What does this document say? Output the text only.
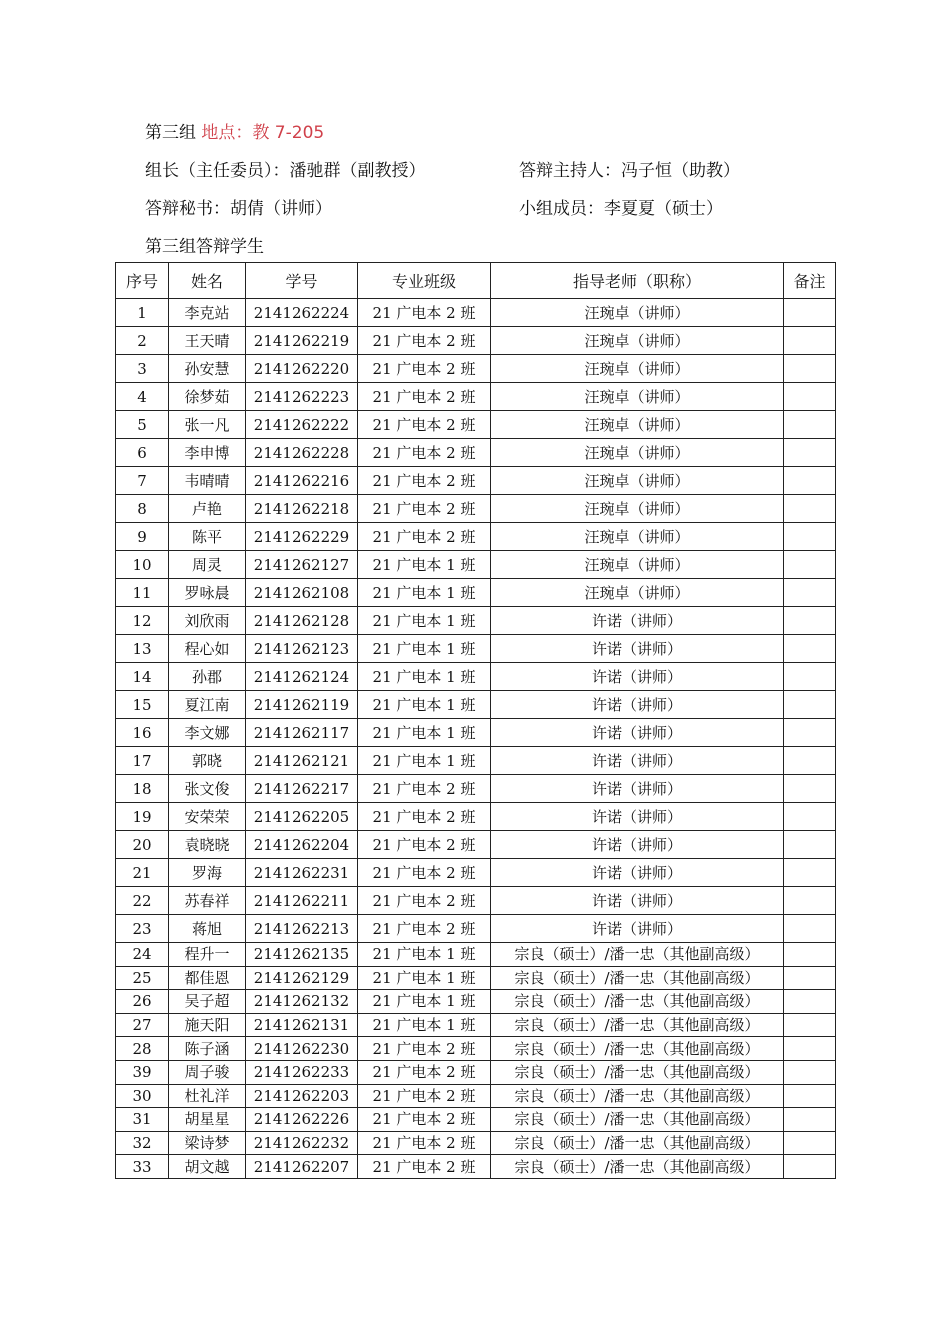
第三组 地点：教 7-205
组长（主任委员）：潘驰群（副教授）	答辩主持人：冯子恒（助教）
答辩秘书：胡倩（讲师）	小组成员：李夏夏（硕士）
第三组答辩学生
序号	姓名	学号	专业班级	指导老师（职称）	备注
1	李克站	2141262224	21 广电本 2 班	汪琬卓（讲师）	
2	王天晴	2141262219	21 广电本 2 班	汪琬卓（讲师）	
3	孙安慧	2141262220	21 广电本 2 班	汪琬卓（讲师）	
4	徐梦茹	2141262223	21 广电本 2 班	汪琬卓（讲师）	
5	张一凡	2141262222	21 广电本 2 班	汪琬卓（讲师）	
6	李申博	2141262228	21 广电本 2 班	汪琬卓（讲师）	
7	韦晴晴	2141262216	21 广电本 2 班	汪琬卓（讲师）	
8	卢艳	2141262218	21 广电本 2 班	汪琬卓（讲师）	
9	陈平	2141262229	21 广电本 2 班	汪琬卓（讲师）	
10	周灵	2141262127	21 广电本 1 班	汪琬卓（讲师）	
11	罗咏晨	2141262108	21 广电本 1 班	汪琬卓（讲师）	
12	刘欣雨	2141262128	21 广电本 1 班	许诺（讲师）	
13	程心如	2141262123	21 广电本 1 班	许诺（讲师）	
14	孙郡	2141262124	21 广电本 1 班	许诺（讲师）	
15	夏江南	2141262119	21 广电本 1 班	许诺（讲师）	
16	李文娜	2141262117	21 广电本 1 班	许诺（讲师）	
17	郭晓	2141262121	21 广电本 1 班	许诺（讲师）	
18	张文俊	2141262217	21 广电本 2 班	许诺（讲师）	
19	安荣荣	2141262205	21 广电本 2 班	许诺（讲师）	
20	袁晓晓	2141262204	21 广电本 2 班	许诺（讲师）	
21	罗海	2141262231	21 广电本 2 班	许诺（讲师）	
22	苏春祥	2141262211	21 广电本 2 班	许诺（讲师）	
23	蒋旭	2141262213	21 广电本 2 班	许诺（讲师）	
24	程升一	2141262135	21 广电本 1 班	宗良（硕士）/潘一忠（其他副高级）	
25	都佳恩	2141262129	21 广电本 1 班	宗良（硕士）/潘一忠（其他副高级）	
26	吴子超	2141262132	21 广电本 1 班	宗良（硕士）/潘一忠（其他副高级）	
27	施天阳	2141262131	21 广电本 1 班	宗良（硕士）/潘一忠（其他副高级）	
28	陈子涵	2141262230	21 广电本 2 班	宗良（硕士）/潘一忠（其他副高级）	
39	周子骏	2141262233	21 广电本 2 班	宗良（硕士）/潘一忠（其他副高级）	
30	杜礼洋	2141262203	21 广电本 2 班	宗良（硕士）/潘一忠（其他副高级）	
31	胡星星	2141262226	21 广电本 2 班	宗良（硕士）/潘一忠（其他副高级）	
32	梁诗梦	2141262232	21 广电本 2 班	宗良（硕士）/潘一忠（其他副高级）	
33	胡文越	2141262207	21 广电本 2 班	宗良（硕士）/潘一忠（其他副高级）	
